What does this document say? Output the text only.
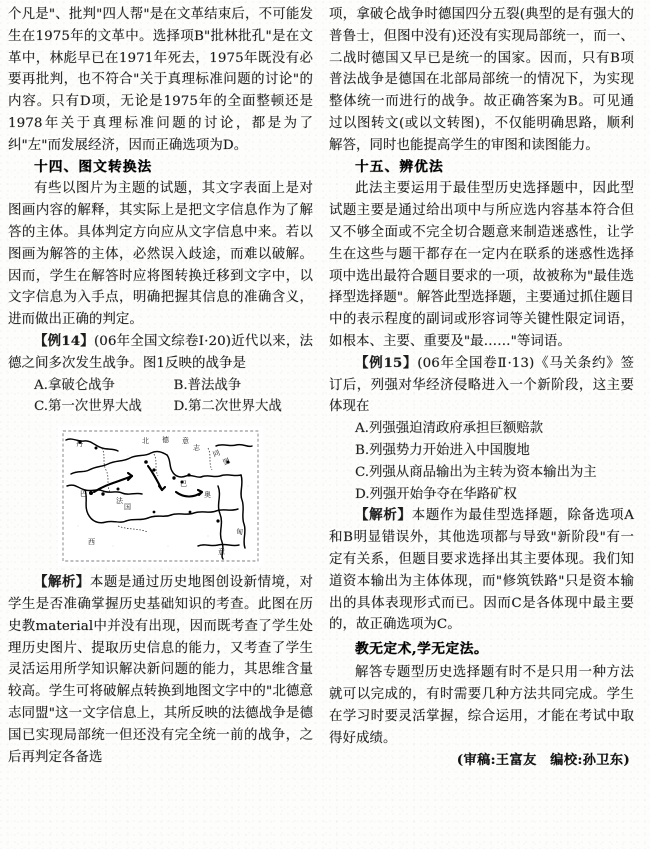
个凡是"、批判"四人帮"是在文革结束后，不可能发生在1975年的文革中。选择项B"批林批孔"是在文革中，林彪早已在1971年死去，1975年既没有必要再批判，也不符合"关于真理标准问题的讨论"的内容。只有D项，无论是1975年的全面整顿还是1978年关于真理标准问题的讨论，都是为了纠"左"而发展经济，因而正确选项为D。

十四、图文转换法

有些以图片为主题的试题，其文字表面上是对图画内容的解释，其实际上是把文字信息作为了解答的主体。具体判定方向应从文字信息中来。若以图画为解答的主体，必然误入歧途，而难以破解。因而，学生在解答时应将图转换迁移到文字中，以文字信息为入手点，明确把握其信息的准确含义，进而做出正确的判定。

【例14】(06年全国文综卷Ⅰ·20)近代以来，法德之间多次发生战争。图1反映的战争是

A.拿破仑战争	B.普法战争
C.第一次世界大战	D.第二次世界大战
北 德 意
志
同
盟
丹
法
国
奥
匈
西
巴
巴
意

【解析】本题是通过历史地图创设新情境，对学生是否准确掌握历史基础知识的考查。此图在历史教material中并没有出现，因而既考查了学生处理历史图片、提取历史信息的能力，又考查了学生灵活运用所学知识解决新问题的能力，其思维含量较高。学生可将破解点转换到地图文字中的"北德意志同盟"这一文字信息上，其所反映的法德战争是德国已实现局部统一但还没有完全统一前的战争，之后再判定各备选

项，拿破仑战争时德国四分五裂(典型的是有强大的普鲁士，但图中没有)还没有实现局部统一，而一、二战时德国又早已是统一的国家。因而，只有B项普法战争是德国在北部局部统一的情况下，为实现整体统一而进行的战争。故正确答案为B。可见通过以图转文(或以文转图)，不仅能明确思路，顺利解答，同时也能提高学生的审图和读图能力。

十五、辨优法

此法主要运用于最佳型历史选择题中，因此型试题主要是通过给出项中与所应选内容基本符合但又不够全面或不完全切合题意来制造迷惑性，让学生在这些与题干都存在一定内在联系的迷惑性选择项中选出最符合题目要求的一项，故被称为"最佳选择型选择题"。解答此型选择题，主要通过抓住题目中的表示程度的副词或形容词等关键性限定词语，如根本、主要、重要及"最……"等词语。

【例15】(06年全国卷Ⅱ·13)《马关条约》签订后，列强对华经济侵略进入一个新阶段，这主要体现在

A.列强强迫清政府承担巨额赔款
B.列强势力开始进入中国腹地
C.列强从商品输出为主转为资本输出为主
D.列强开始争夺在华路矿权

【解析】本题作为最佳型选择题，除备选项A和B明显错误外，其他选项都与导致"新阶段"有一定有关系，但题目要求选择出其主要体现。我们知道资本输出为主体体现，而"修筑铁路"只是资本输出的具体表现形式而已。因而C是各体现中最主要的，故正确选项为C。

教无定术,学无定法。

解答专题型历史选择题有时不是只用一种方法就可以完成的，有时需要几种方法共同完成。学生在学习时要灵活掌握，综合运用，才能在考试中取得好成绩。

(审稿:王富友　编校:孙卫东)
